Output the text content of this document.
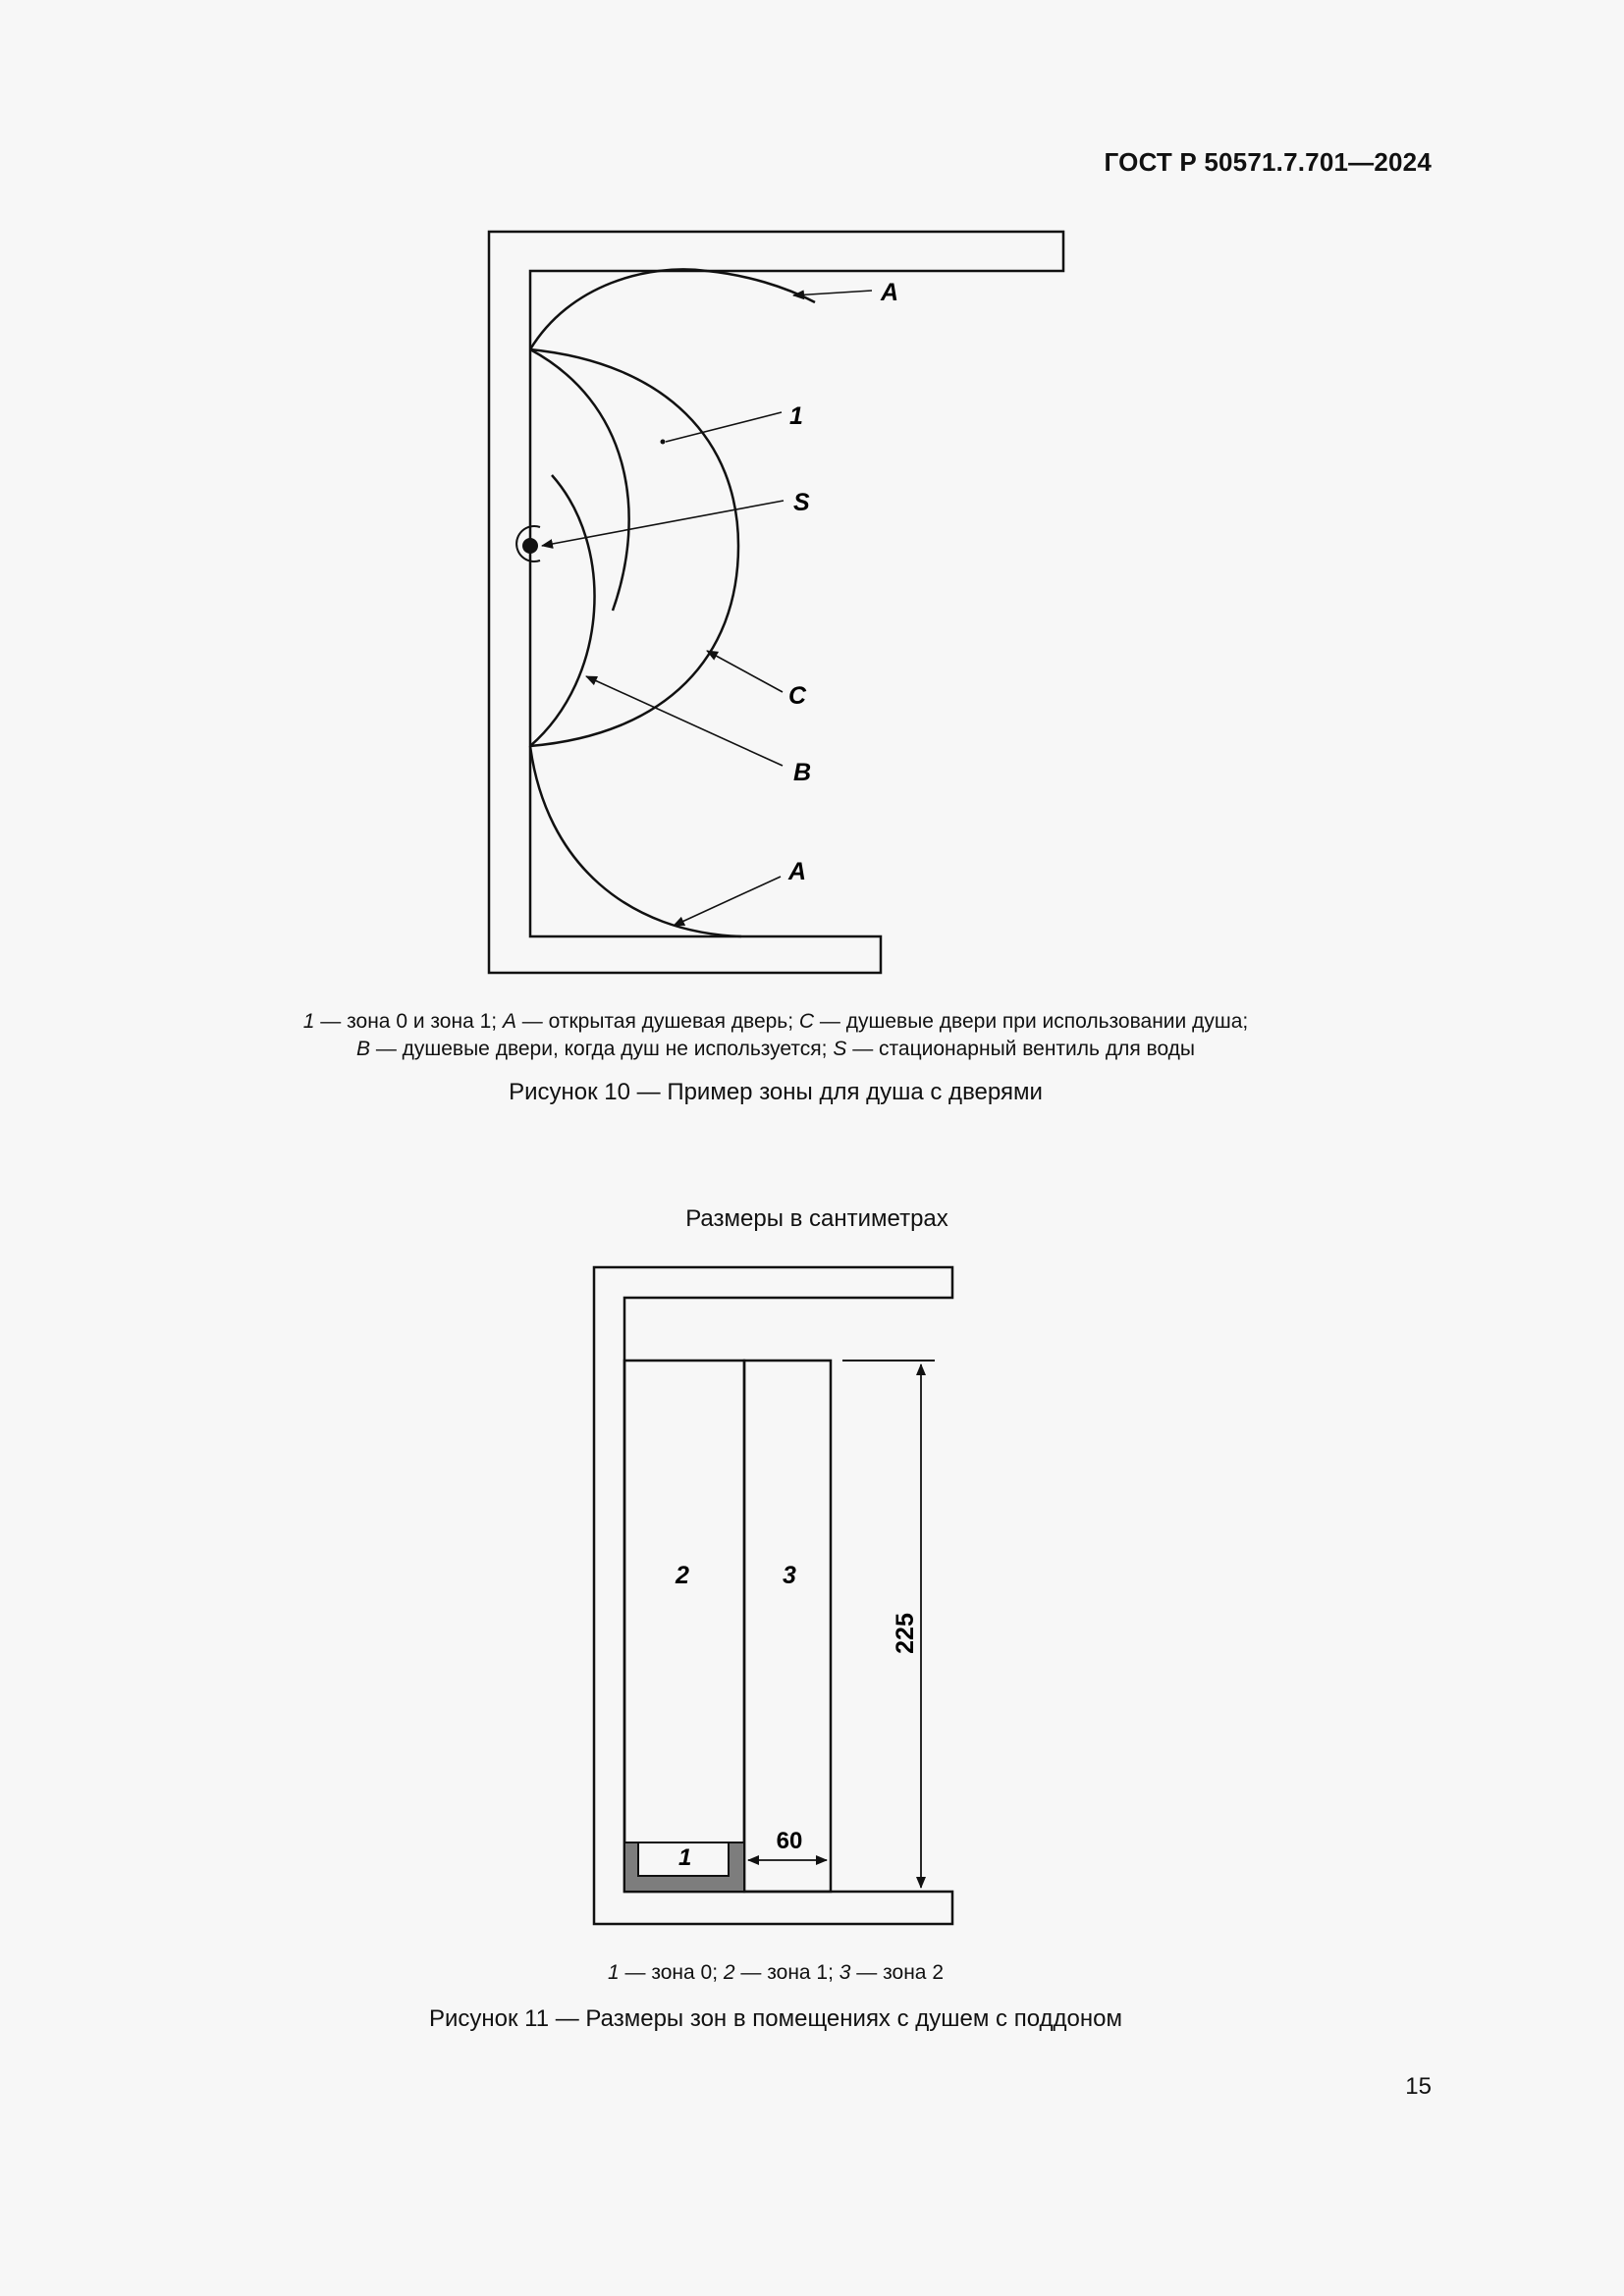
ГОСТ Р 50571.7.701—2024
A
1
S
C
B
A
1 — зона 0 и зона 1; A — открытая душевая дверь; C — душевые двери при использовании душа;
B — душевые двери, когда душ не используется; S — стационарный вентиль для воды
Рисунок 10 — Пример зоны для душа с дверями
Размеры в сантиметрах
2	3
1
225
60
1 — зона 0; 2 — зона 1; 3 — зона 2
Рисунок 11 — Размеры зон в помещениях с душем с поддоном
15
